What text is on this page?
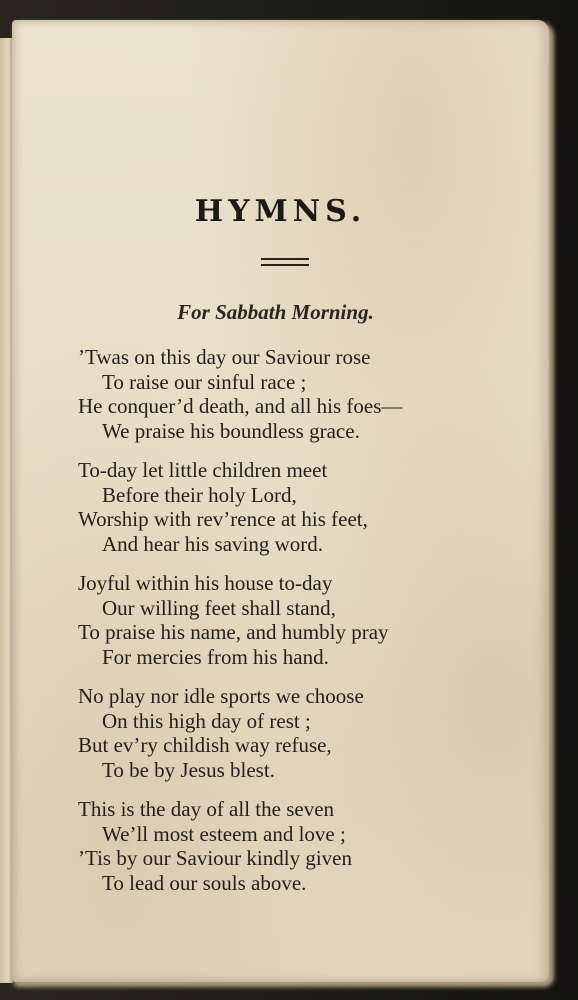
HYMNS.
For Sabbath Morning.
’Twas on this day our Saviour rose
To raise our sinful race ;
He conquer’d death, and all his foes—
We praise his boundless grace.
To-day let little children meet
Before their holy Lord,
Worship with rev’rence at his feet,
And hear his saving word.
Joyful within his house to-day
Our willing feet shall stand,
To praise his name, and humbly pray
For mercies from his hand.
No play nor idle sports we choose
On this high day of rest ;
But ev’ry childish way refuse,
To be by Jesus blest.
This is the day of all the seven
We’ll most esteem and love ;
’Tis by our Saviour kindly given
To lead our souls above.
